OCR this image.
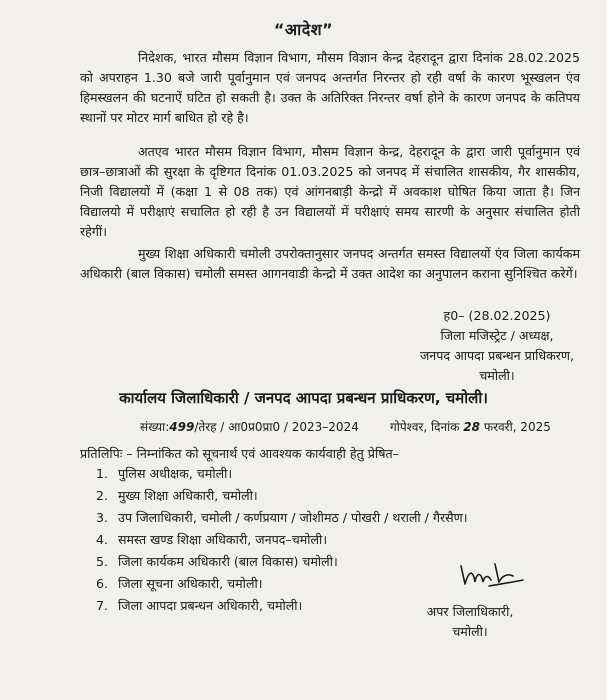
“आदेश”
निदेशक, भारत मौसम विज्ञान विभाग, मौसम विज्ञान केन्द्र देहरादून द्वारा दिनांक 28.02.2025 को अपराहन 1.30 बजे जारी पूर्वानुमान एवं जनपद अन्तर्गत निरन्तर हो रही वर्षा के कारण भूस्खलन एंव हिमस्खलन की घटनाऐं घटित हो सकती है। उक्त के अतिरिक्त निरन्तर वर्षा होने के कारण जनपद के कतिपय स्थानों पर मोटर मार्ग बाधित हो रहे है।
अतएव भारत मौसम विज्ञान विभाग, मौसम विज्ञान केन्द्र, देहरादून के द्वारा जारी पूर्वानुमान एवं छात्र–छात्राओं की सुरक्षा के दृष्टिगत दिनांक 01.03.2025 को जनपद में संचालित शासकीय, गैर शासकीय, निजी विद्यालयों में (कक्षा 1 से 08 तक) एवं आंगनबाड़ी केन्द्रो में अवकाश घोषित किया जाता है। जिन विद्यालयो में परीक्षाएं सचालित हो रही है उन विद्यालयों में परीक्षाएं समय सारणी के अनुसार संचालित होती रहेगीं।
मुख्य शिक्षा अधिकारी चमोली उपरोक्तानुसार जनपद अन्तर्गत समस्त विद्यालयों एंव जिला कार्यकम अधिकारी (बाल विकास) चमोली समस्त आगनवाडी केन्द्रो में उक्त आदेश का अनुपालन कराना सुनिश्चित करेगें।
ह0– (28.02.2025)
जिला मजिस्ट्रेट / अध्यक्ष,
जनपद आपदा प्रबन्धन प्राधिकरण,
चमोली।
कार्यालय जिलाधिकारी / जनपद आपदा प्रबन्धन प्राधिकरण, चमोली।
संख्या:499/तेरह / आ0प्र0प्रा0 / 2023–2024	गोपेश्वर, दिनांक 28 फरवरी, 2025
प्रतिलिपिः – निम्नांकित को सूचनार्थ एवं आवश्यक कार्यवाही हेतु प्रेषित–
1. पुलिस अधीक्षक, चमोली।
2. मुख्य शिक्षा अधिकारी, चमोली।
3. उप जिलाधिकारी, चमोली / कर्णप्रयाग / जोशीमठ / पोखरी / थराली / गैरसैण।
4. समस्त खण्ड शिक्षा अधिकारी, जनपद–चमोली।
5. जिला कार्यकम अधिकारी (बाल विकास) चमोली।
6. जिला सूचना अधिकारी, चमोली।
7. जिला आपदा प्रबन्धन अधिकारी, चमोली।	अपर जिलाधिकारी,
चमोली।
